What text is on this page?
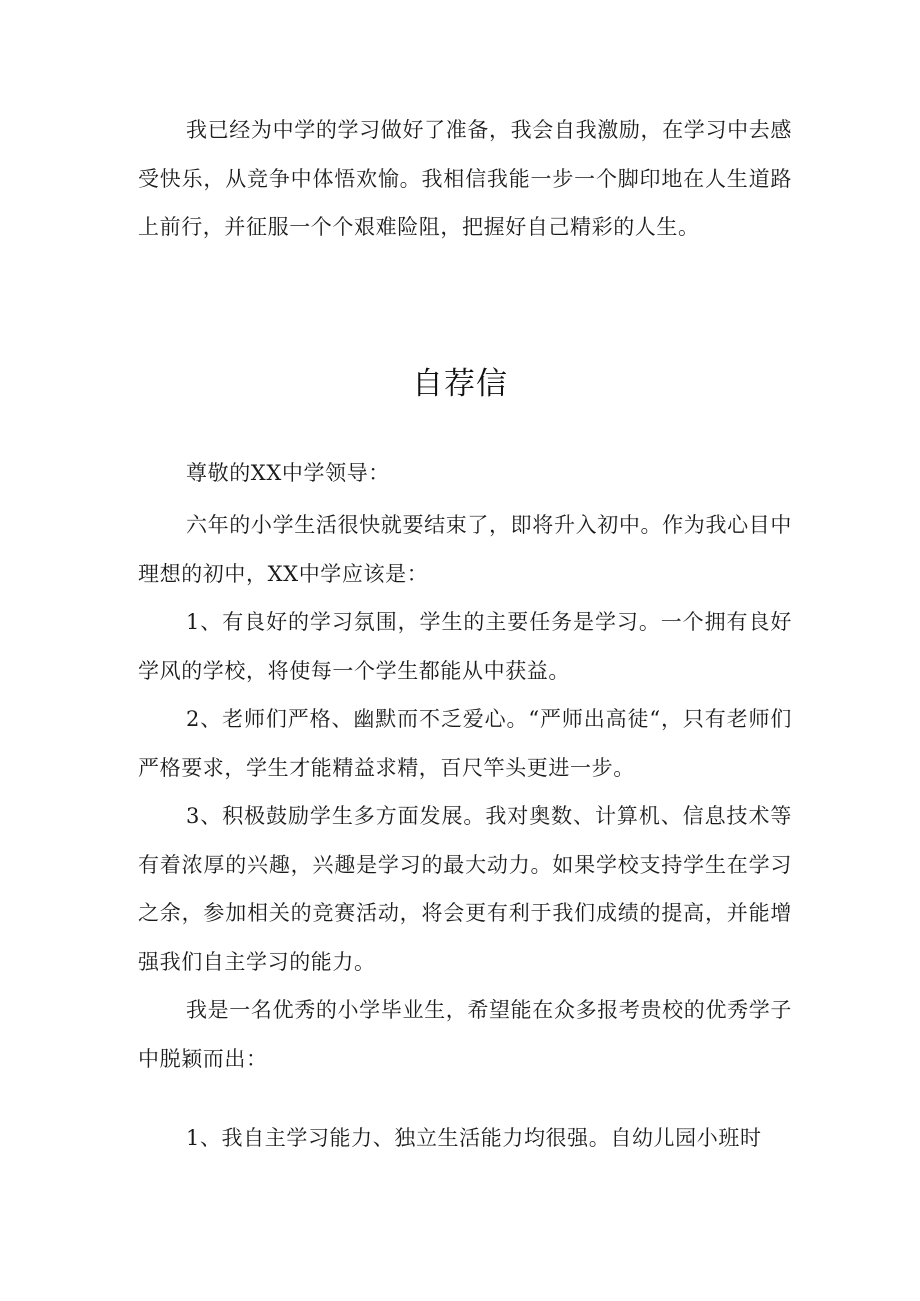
我已经为中学的学习做好了准备，我会自我激励，在学习中去感受快乐，从竞争中体悟欢愉。我相信我能一步一个脚印地在人生道路上前行，并征服一个个艰难险阻，把握好自己精彩的人生。

自荐信

尊敬的XX中学领导：

六年的小学生活很快就要结束了，即将升入初中。作为我心目中理想的初中，XX中学应该是：

1、有良好的学习氛围，学生的主要任务是学习。一个拥有良好学风的学校，将使每一个学生都能从中获益。

2、老师们严格、幽默而不乏爱心。“严师出高徒“，只有老师们严格要求，学生才能精益求精，百尺竿头更进一步。

3、积极鼓励学生多方面发展。我对奥数、计算机、信息技术等有着浓厚的兴趣，兴趣是学习的最大动力。如果学校支持学生在学习之余，参加相关的竞赛活动，将会更有利于我们成绩的提高，并能增强我们自主学习的能力。

我是一名优秀的小学毕业生，希望能在众多报考贵校的优秀学子中脱颖而出：

1、我自主学习能力、独立生活能力均很强。自幼儿园小班时
